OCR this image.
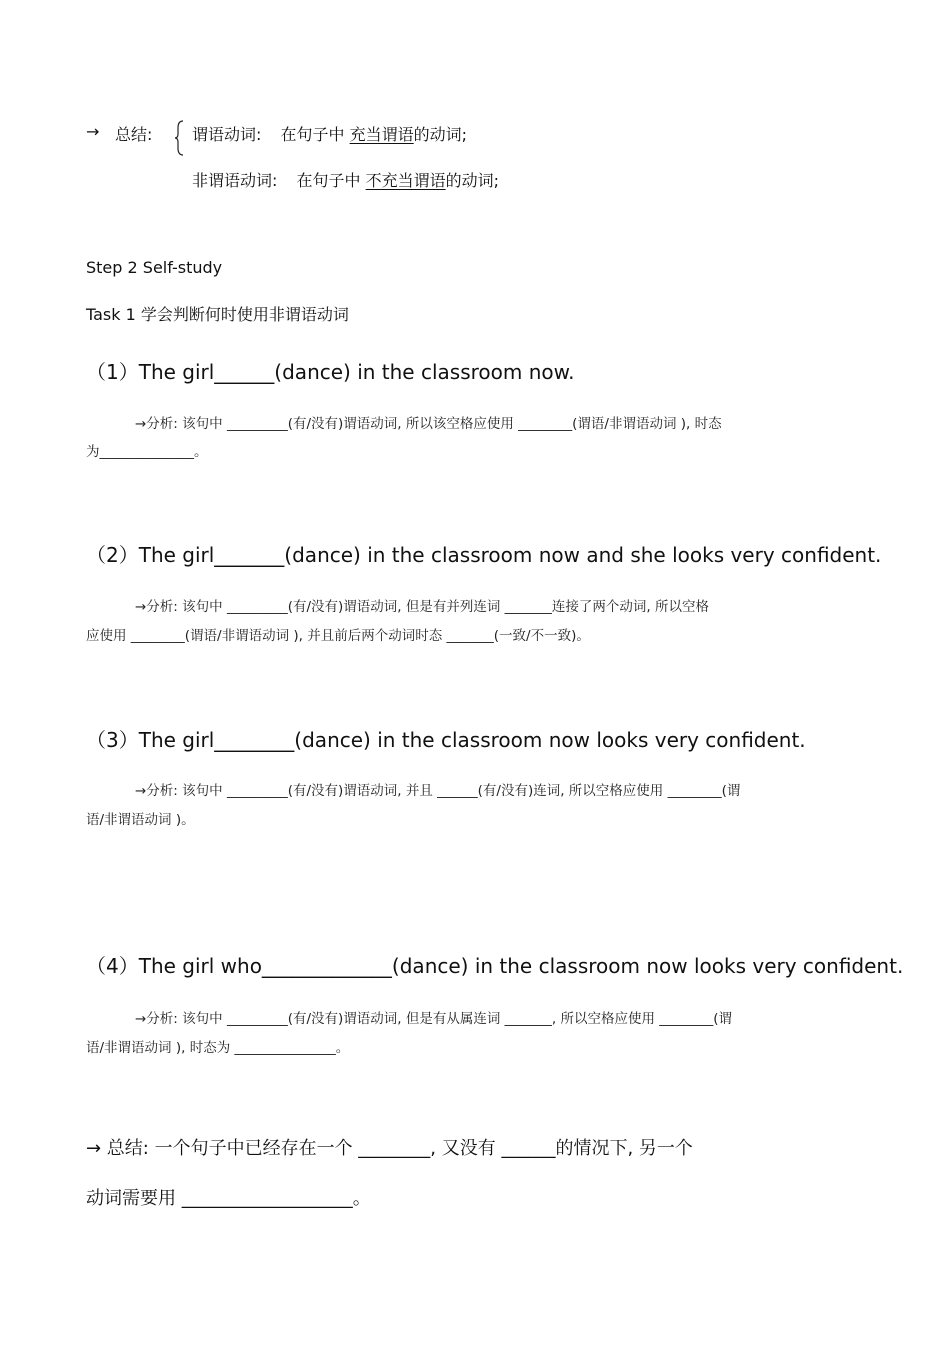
→ 总结: 谓语动词: 在句子中 充当谓语的动词;
非谓语动词: 在句子中 不充当谓语的动词;
Step 2 Self-study
Task 1 学会判断何时使用非谓语动词
（1）The girl______(dance) in the classroom now.
→分析: 该句中 _________(有/没有)谓语动词, 所以该空格应使用 ________(谓语/非谓语动词 ), 时态
为______________。
（2）The girl_______(dance) in the classroom now and she looks very confident.
→分析: 该句中 _________(有/没有)谓语动词, 但是有并列连词 _______连接了两个动词, 所以空格
应使用 ________(谓语/非谓语动词 ), 并且前后两个动词时态 _______(一致/不一致)。
（3）The girl________(dance) in the classroom now looks very confident.
→分析: 该句中 _________(有/没有)谓语动词, 并且 ______(有/没有)连词, 所以空格应使用 ________(谓
语/非谓语动词 )。
（4）The girl who_____________(dance) in the classroom now looks very confident.
→分析: 该句中 _________(有/没有)谓语动词, 但是有从属连词 _______, 所以空格应使用 ________(谓
语/非谓语动词 ), 时态为 _______________。
→ 总结: 一个句子中已经存在一个 ________, 又没有 ______的情况下, 另一个
动词需要用 ___________________。
